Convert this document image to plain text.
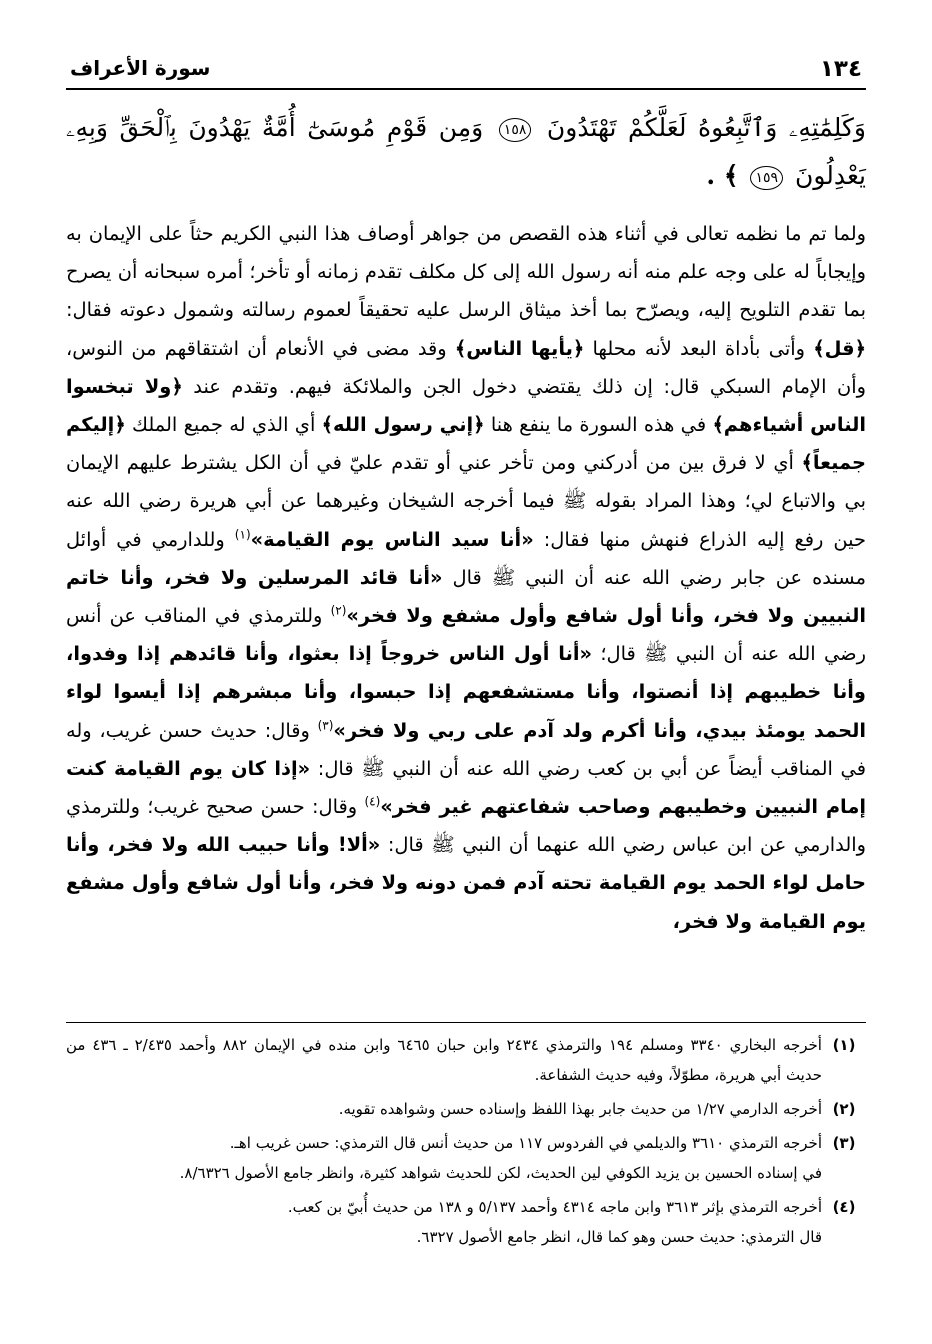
١٣٤
سورة الأعراف
وَكَلِمَٰتِهِۦ وَٱتَّبِعُوهُ لَعَلَّكُمْ تَهْتَدُونَ ١٥٨ وَمِن قَوْمِ مُوسَىٰٓ أُمَّةٌ يَهْدُونَ بِٱلْحَقِّ وَبِهِۦ يَعْدِلُونَ ١٥٩ ﴾ .
ولما تم ما نظمه تعالى في أثناء هذه القصص من جواهر أوصاف هذا النبي الكريم حثاً على الإيمان به وإيجاباً له على وجه علم منه أنه رسول الله إلى كل مكلف تقدم زمانه أو تأخر؛ أمره سبحانه أن يصرح بما تقدم التلويح إليه، ويصرّح بما أخذ ميثاق الرسل عليه تحقيقاً لعموم رسالته وشمول دعوته فقال: ﴿قل﴾ وأتى بأداة البعد لأنه محلها ﴿يأيها الناس﴾ وقد مضى في الأنعام أن اشتقاقهم من النوس، وأن الإمام السبكي قال: إن ذلك يقتضي دخول الجن والملائكة فيهم. وتقدم عند ﴿ولا تبخسوا الناس أشياءهم﴾ في هذه السورة ما ينفع هنا ﴿إني رسول الله﴾ أي الذي له جميع الملك ﴿إليكم جميعاً﴾ أي لا فرق بين من أدركني ومن تأخر عني أو تقدم عليّ في أن الكل يشترط عليهم الإيمان بي والاتباع لي؛ وهذا المراد بقوله ﷺ فيما أخرجه الشيخان وغيرهما عن أبي هريرة رضي الله عنه حين رفع إليه الذراع فنهش منها فقال: «أنا سيد الناس يوم القيامة»$^{(١)}$ وللدارمي في أوائل مسنده عن جابر رضي الله عنه أن النبي ﷺ قال «أنا قائد المرسلين ولا فخر، وأنا خاتم النبيين ولا فخر، وأنا أول شافع وأول مشفع ولا فخر»$^{(٢)}$ وللترمذي في المناقب عن أنس رضي الله عنه أن النبي ﷺ قال؛ «أنا أول الناس خروجاً إذا بعثوا، وأنا قائدهم إذا وفدوا، وأنا خطيبهم إذا أنصتوا، وأنا مستشفعهم إذا حبسوا، وأنا مبشرهم إذا أيسوا لواء الحمد يومئذ بيدي، وأنا أكرم ولد آدم على ربي ولا فخر»$^{(٣)}$ وقال: حديث حسن غريب، وله في المناقب أيضاً عن أبي بن كعب رضي الله عنه أن النبي ﷺ قال: «إذا كان يوم القيامة كنت إمام النبيين وخطيبهم وصاحب شفاعتهم غير فخر»$^{(٤)}$ وقال: حسن صحيح غريب؛ وللترمذي والدارمي عن ابن عباس رضي الله عنهما أن النبي ﷺ قال: «ألا! وأنا حبيب الله ولا فخر، وأنا حامل لواء الحمد يوم القيامة تحته آدم فمن دونه ولا فخر، وأنا أول شافع وأول مشفع يوم القيامة ولا فخر،
(١)
أخرجه البخاري ٣٣٤٠ ومسلم ١٩٤ والترمذي ٢٤٣٤ وابن حبان ٦٤٦٥ وابن منده في الإيمان ٨٨٢ وأحمد ٢/٤٣٥ ـ ٤٣٦ من حديث أبي هريرة، مطوّلاً، وفيه حديث الشفاعة.
(٢)
أخرجه الدارمي ١/٢٧ من حديث جابر بهذا اللفظ وإسناده حسن وشواهده تقويه.
(٣)
أخرجه الترمذي ٣٦١٠ والديلمي في الفردوس ١١٧ من حديث أنس قال الترمذي: حسن غريب اهـ.
في إسناده الحسين بن يزيد الكوفي لين الحديث، لكن للحديث شواهد كثيرة، وانظر جامع الأصول ٨/٦٣٢٦.
(٤)
أخرجه الترمذي بإثر ٣٦١٣ وابن ماجه ٤٣١٤ وأحمد ٥/١٣٧ و ١٣٨ من حديث أُبيّ بن كعب.
قال الترمذي: حديث حسن وهو كما قال، انظر جامع الأصول ٦٣٢٧.
